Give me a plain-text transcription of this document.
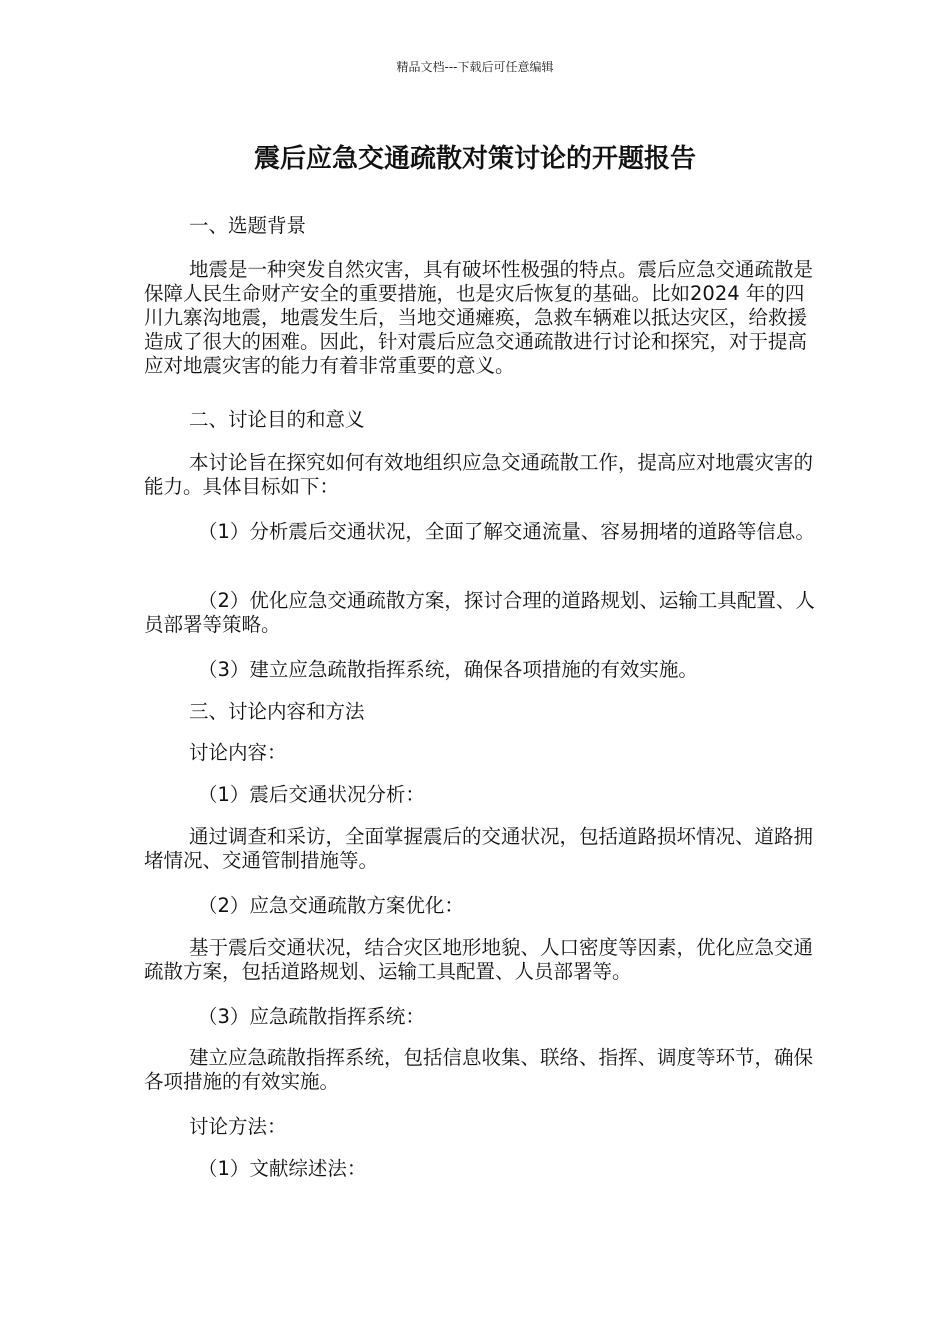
精品文档---下载后可任意编辑
震后应急交通疏散对策讨论的开题报告

一、选题背景

地震是一种突发自然灾害，具有破坏性极强的特点。震后应急交通疏散是保障人民生命财产安全的重要措施，也是灾后恢复的基础。比如2024 年的四川九寨沟地震，地震发生后，当地交通瘫痪，急救车辆难以抵达灾区，给救援造成了很大的困难。因此，针对震后应急交通疏散进行讨论和探究，对于提高应对地震灾害的能力有着非常重要的意义。

二、讨论目的和意义

本讨论旨在探究如何有效地组织应急交通疏散工作，提高应对地震灾害的能力。具体目标如下：

（1）分析震后交通状况，全面了解交通流量、容易拥堵的道路等信息。

（2）优化应急交通疏散方案，探讨合理的道路规划、运输工具配置、人员部署等策略。

（3）建立应急疏散指挥系统，确保各项措施的有效实施。

三、讨论内容和方法

讨论内容：

（1）震后交通状况分析：

通过调查和采访，全面掌握震后的交通状况，包括道路损坏情况、道路拥堵情况、交通管制措施等。

（2）应急交通疏散方案优化：

基于震后交通状况，结合灾区地形地貌、人口密度等因素，优化应急交通疏散方案，包括道路规划、运输工具配置、人员部署等。

（3）应急疏散指挥系统：

建立应急疏散指挥系统，包括信息收集、联络、指挥、调度等环节，确保各项措施的有效实施。

讨论方法：

（1）文献综述法：
